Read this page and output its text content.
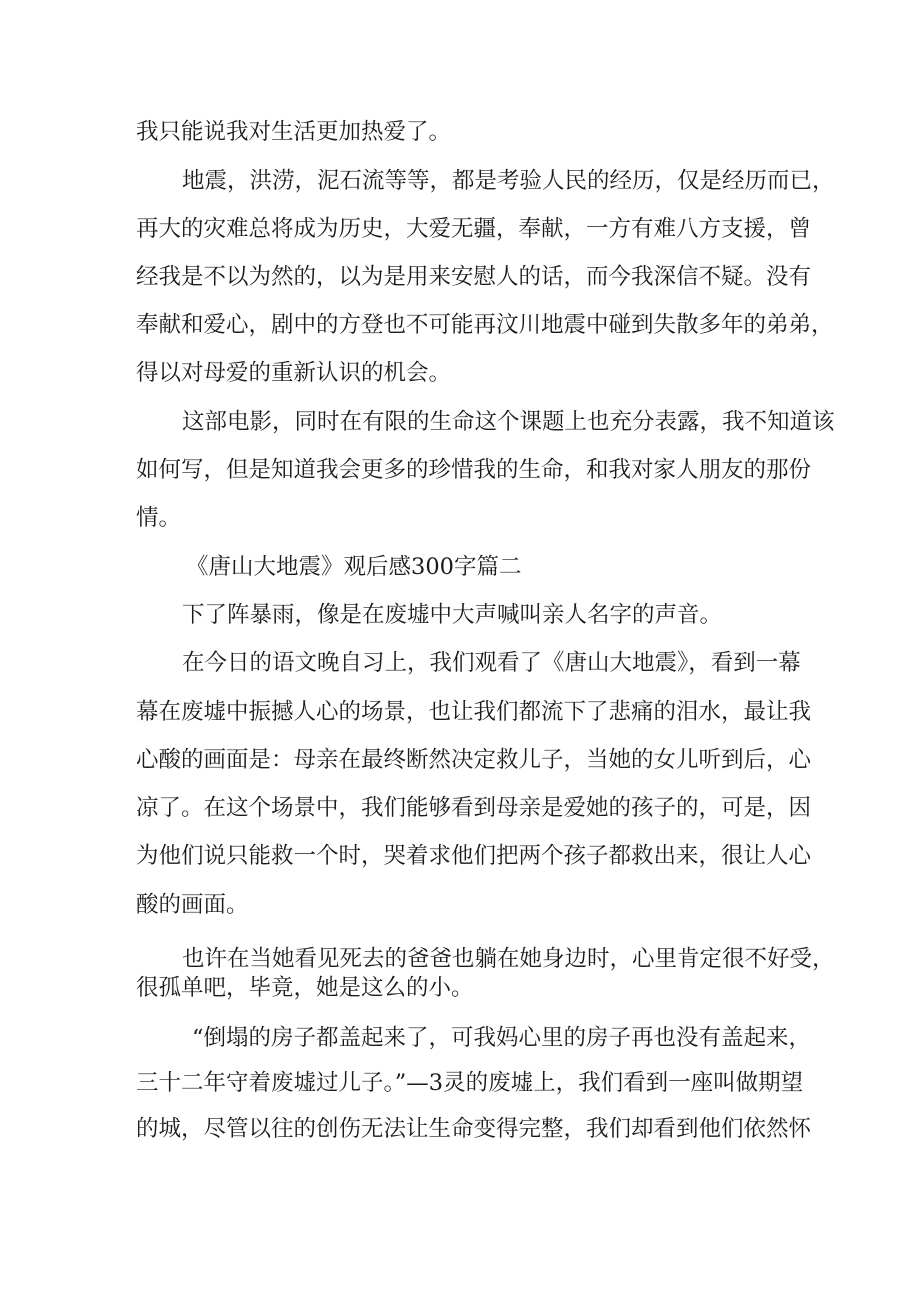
我只能说我对生活更加热爱了。
地震，洪涝，泥石流等等，都是考验人民的经历，仅是经历而已，
再大的灾难总将成为历史，大爱无疆，奉献，一方有难八方支援，曾
经我是不以为然的，以为是用来安慰人的话，而今我深信不疑。没有
奉献和爱心，剧中的方登也不可能再汶川地震中碰到失散多年的弟弟，
得以对母爱的重新认识的机会。
这部电影，同时在有限的生命这个课题上也充分表露，我不知道该
如何写，但是知道我会更多的珍惜我的生命，和我对家人朋友的那份
情。
《唐山大地震》观后感300字篇二
下了阵暴雨，像是在废墟中大声喊叫亲人名字的声音。
在今日的语文晚自习上，我们观看了《唐山大地震》，看到一幕
幕在废墟中振撼人心的场景，也让我们都流下了悲痛的泪水，最让我
心酸的画面是：母亲在最终断然决定救儿子，当她的女儿听到后，心
凉了。在这个场景中，我们能够看到母亲是爱她的孩子的，可是，因
为他们说只能救一个时，哭着求他们把两个孩子都救出来，很让人心
酸的画面。
也许在当她看见死去的爸爸也躺在她身边时，心里肯定很不好受，
很孤单吧，毕竟，她是这么的小。
“倒塌的房子都盖起来了，可我妈心里的房子再也没有盖起来，
三十二年守着废墟过儿子。”—3灵的废墟上，我们看到一座叫做期望
的城，尽管以往的创伤无法让生命变得完整，我们却看到他们依然怀
